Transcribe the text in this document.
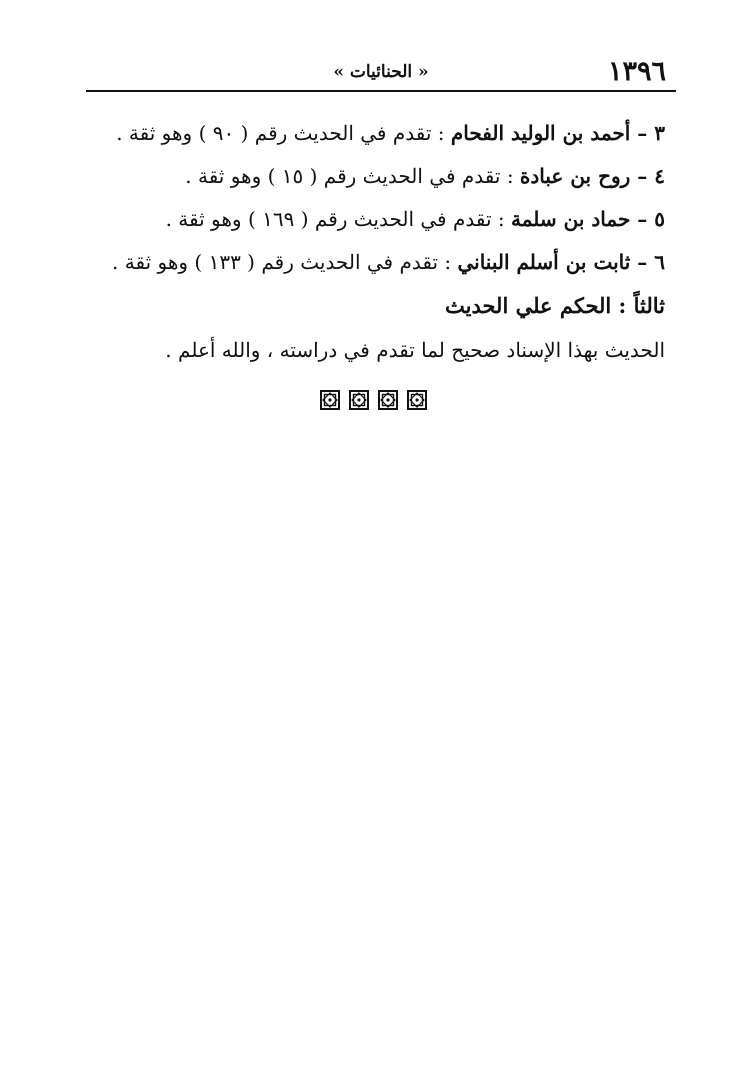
١٣٩٦
« الحنائيات »
٣ – أحمد بن الوليد الفحام : تقدم في الحديث رقم ( ٩٠ ) وهو ثقة .
٤ – روح بن عبادة : تقدم في الحديث رقم ( ١٥ ) وهو ثقة .
٥ – حماد بن سلمة : تقدم في الحديث رقم ( ١٦٩ ) وهو ثقة .
٦ – ثابت بن أسلم البناني : تقدم في الحديث رقم ( ١٣٣ ) وهو ثقة .
ثالثاً : الحكم علي الحديث
الحديث بهذا الإسناد صحيح لما تقدم في دراسته ، والله أعلم .
